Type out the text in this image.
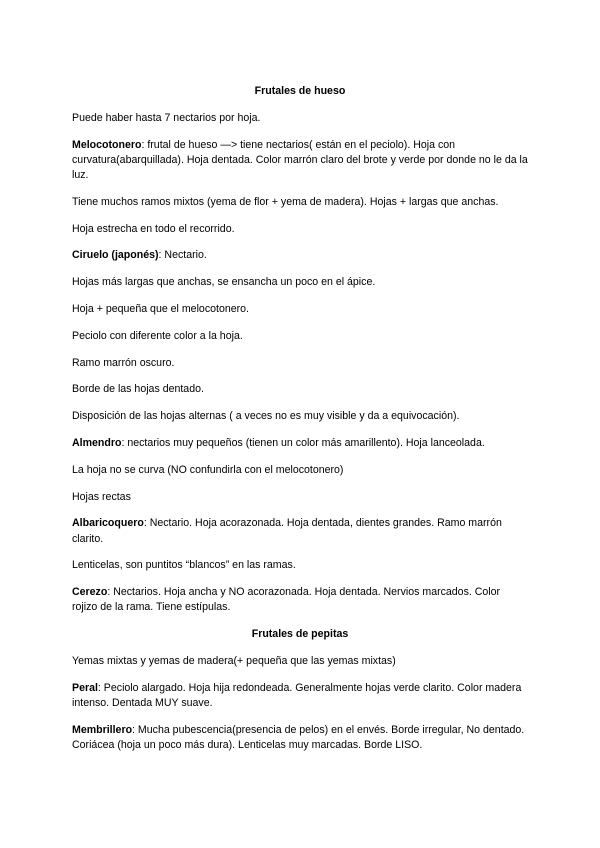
Frutales de hueso

Puede haber hasta 7 nectarios por hoja.

Melocotonero: frutal de hueso —> tiene nectarios( están en el peciolo). Hoja con curvatura(abarquillada). Hoja dentada. Color marrón claro del brote y verde por donde no le da la luz.

Tiene muchos ramos mixtos (yema de flor + yema de madera). Hojas + largas que anchas.

Hoja estrecha en todo el recorrido.

Ciruelo (japonés): Nectario.

Hojas más largas que anchas, se ensancha un poco en el ápice.

Hoja + pequeña que el melocotonero.

Peciolo con diferente color a la hoja.

Ramo marrón oscuro.

Borde de las hojas dentado.

Disposición de las hojas alternas ( a veces no es muy visible y da a equivocación).

Almendro: nectarios muy pequeños (tienen un color más amarillento). Hoja lanceolada.

La hoja no se curva (NO confundirla con el melocotonero)

Hojas rectas

Albaricoquero: Nectario. Hoja acorazonada. Hoja dentada, dientes grandes. Ramo marrón clarito.

Lenticelas, son puntitos “blancos” en las ramas.

Cerezo: Nectarios. Hoja ancha y NO acorazonada. Hoja dentada. Nervios marcados. Color rojizo de la rama. Tiene estípulas.

Frutales de pepitas

Yemas mixtas y yemas de madera(+ pequeña que las yemas mixtas)

Peral: Peciolo alargado. Hoja hija redondeada. Generalmente hojas verde clarito. Color madera intenso. Dentada MUY suave.

Membrillero: Mucha pubescencia(presencia de pelos) en el envés. Borde irregular, No dentado. Coriácea (hoja un poco más dura). Lenticelas muy marcadas. Borde LISO.
